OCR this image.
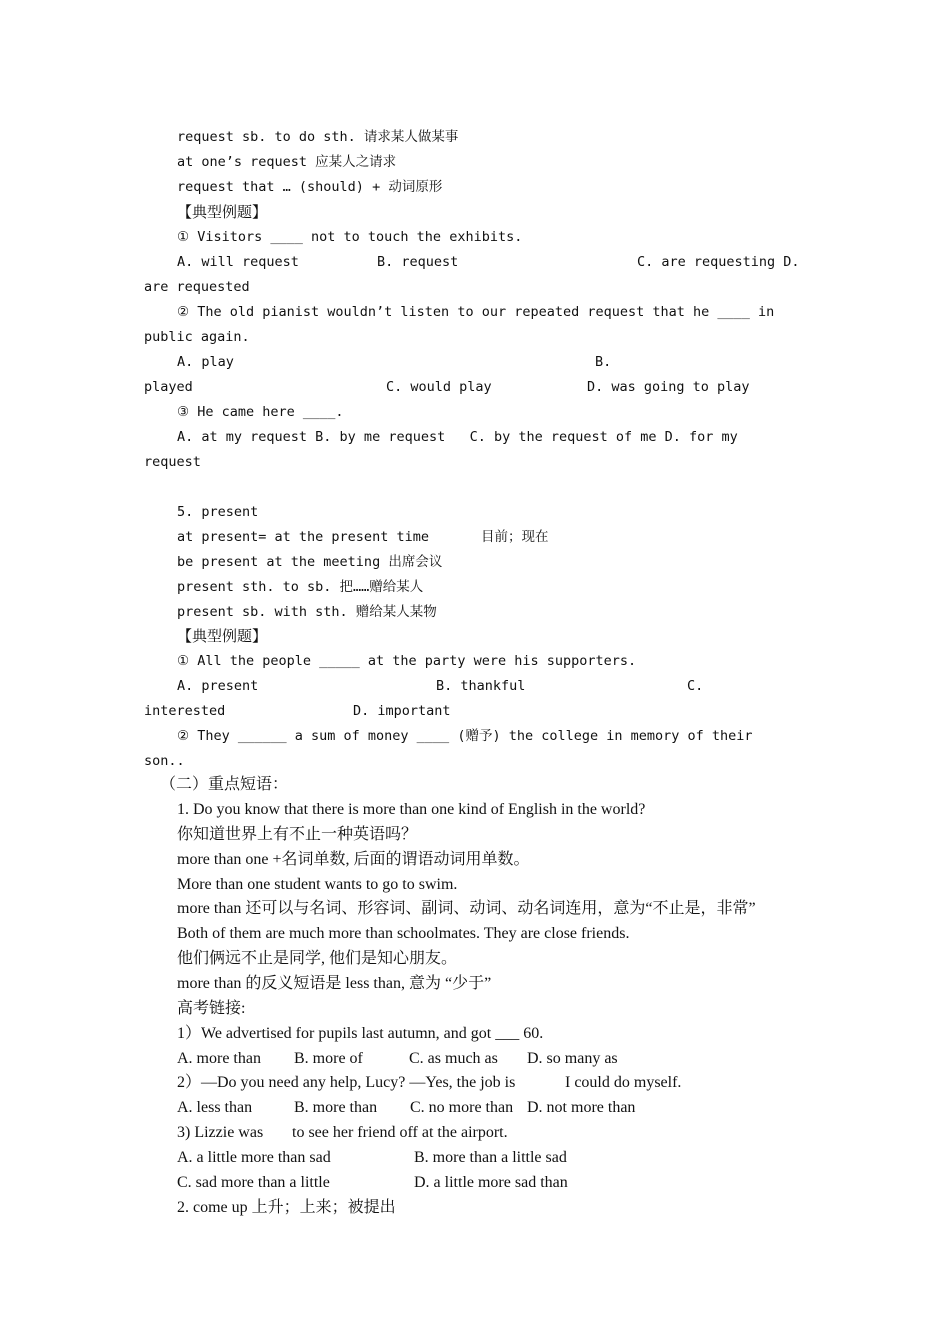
request sb. to do sth. 请求某人做某事
at one’s request 应某人之请求
request that … (should) + 动词原形
【典型例题】
① Visitors ____ not to touch the exhibits.
A. will request	B. request	C. are requesting D.
are requested
② The old pianist wouldn’t listen to our repeated request that he ____ in
public again.
A. play	B.
played	C. would play	D. was going to play
③ He came here ____.
A. at my request B. by me request   C. by the request of me D. for my
request
5. present
at present= at the present time	目前；现在
be present at the meeting 出席会议
present sth. to sb. 把……赠给某人
present sb. with sth. 赠给某人某物
【典型例题】
① All the people _____ at the party were his supporters.
A. present	B. thankful	C.
interested	D. important
② They ______ a sum of money ____ (赠予) the college in memory of their
son..
（二）重点短语：
1. Do you know that there is more than one kind of English in the world?
你知道世界上有不止一种英语吗？
more than one +名词单数, 后面的谓语动词用单数。
More than one student wants to go to swim.
more than 还可以与名词、形容词、副词、动词、动名词连用，意为“不止是，非常”
Both of them are much more than schoolmates. They are close friends.
他们俩远不止是同学, 他们是知心朋友。
more than 的反义短语是 less than, 意为 “少于”
高考链接:
1）We advertised for pupils last autumn, and got ___ 60.
A. more than B. more of	C. as much as D. so many as
2）—Do you need any help, Lucy? —Yes, the job is	I could do myself.
A. less than	B. more than C. no more than D. not more than
3) Lizzie was to see her friend off at the airport.
A. a little more than sad	B. more than a little sad
C. sad more than a little	D. a little more sad than
2. come up 上升；上来；被提出
